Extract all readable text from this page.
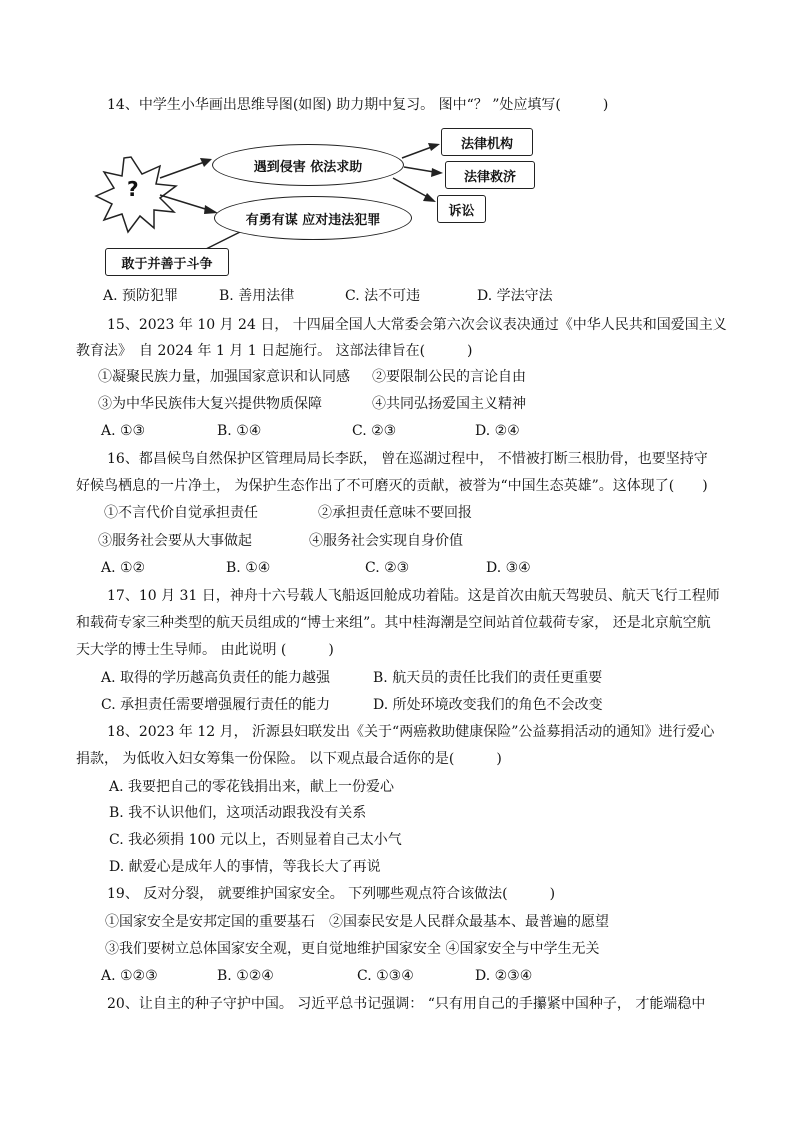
14、中学生小华画出思维导图(如图) 助力期中复习。 图中“？ ”处应填写(　　　)
?
遇到侵害 依法求助
有勇有谋 应对违法犯罪
法律机构
法律救济
诉讼
敢于并善于斗争
A. 预防犯罪	B. 善用法律	C. 法不可违	D. 学法守法
15、2023 年 10 月 24 日， 十四届全国人大常委会第六次会议表决通过《中华人民共和国爱国主义
教育法》　自 2024 年 1 月 1 日起施行。 这部法律旨在(　　　)
①凝聚民族力量，加强国家意识和认同感 ②要限制公民的言论自由
③为中华民族伟大复兴提供物质保障	④共同弘扬爱国主义精神
A. ①③	B. ①④	C. ②③	D. ②④
16、都昌候鸟自然保护区管理局局长李跃， 曾在巡湖过程中， 不惜被打断三根肋骨，也要坚持守
好候鸟栖息的一片净土， 为保护生态作出了不可磨灭的贡献，被誉为“中国生态英雄”。这体现了(　　)
①不言代价自觉承担责任	②承担责任意味不要回报
③服务社会要从大事做起	④服务社会实现自身价值
A. ①②	B. ①④	C. ②③	D. ③④
17、10 月 31 日，神舟十六号载人飞船返回舱成功着陆。这是首次由航天驾驶员、航天飞行工程师
和载荷专家三种类型的航天员组成的“博士来组”。其中桂海潮是空间站首位载荷专家， 还是北京航空航
天大学的博士生导师。 由此说明 (　　　)
A. 取得的学历越高负责任的能力越强	B. 航天员的责任比我们的责任更重要
C. 承担责任需要增强履行责任的能力	D. 所处环境改变我们的角色不会改变
18、2023 年 12 月， 沂源县妇联发出《关于“两癌救助健康保险”公益募捐活动的通知》进行爱心
捐款， 为低收入妇女筹集一份保险。 以下观点最合适你的是(　　　)
A. 我要把自己的零花钱捐出来，献上一份爱心
B. 我不认识他们，这项活动跟我没有关系
C. 我必须捐 100 元以上，否则显着自己太小气
D. 献爱心是成年人的事情，等我长大了再说
19、 反对分裂， 就要维护国家安全。 下列哪些观点符合该做法(　　　)
①国家安全是安邦定国的重要基石　②国泰民安是人民群众最基本、最普遍的愿望
③我们要树立总体国家安全观，更自觉地维护国家安全 ④国家安全与中学生无关
A. ①②③	B. ①②④	C. ①③④	D. ②③④
20、让自主的种子守护中国。 习近平总书记强调： “只有用自己的手攥紧中国种子， 才能端稳中
